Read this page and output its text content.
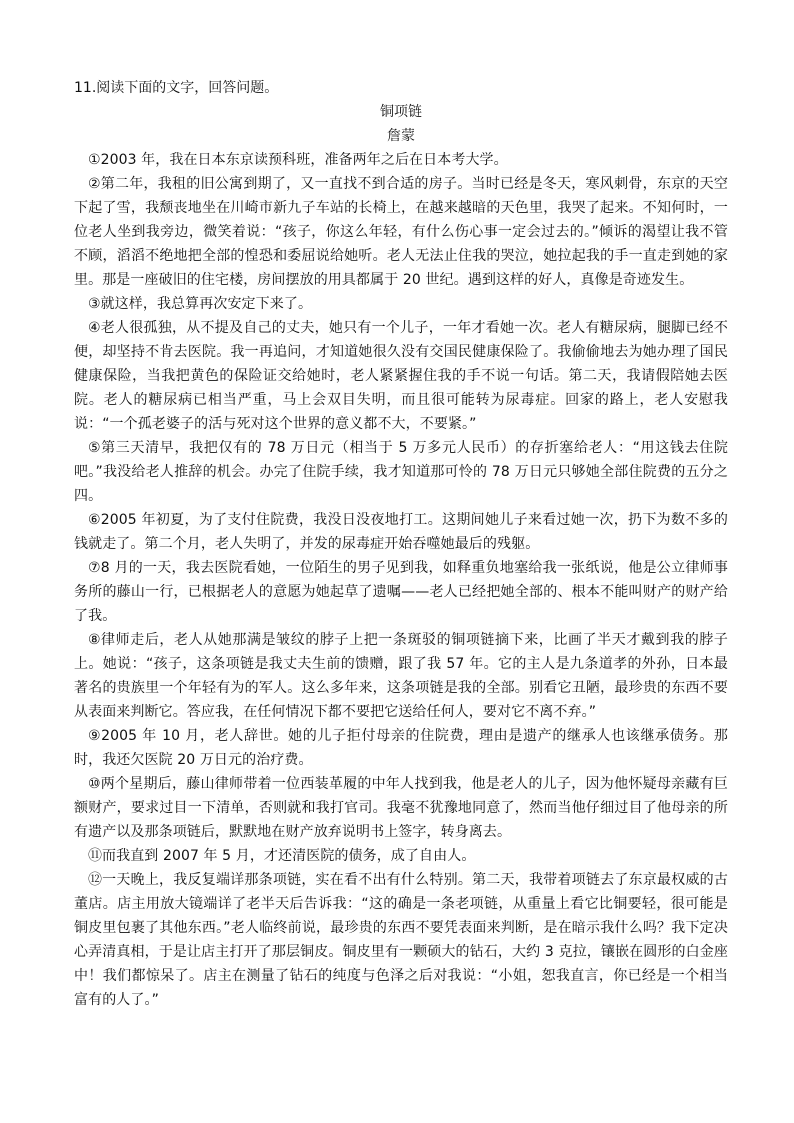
11.阅读下面的文字，回答问题。

铜项链

詹蒙

①2003 年，我在日本东京读预科班，准备两年之后在日本考大学。

②第二年，我租的旧公寓到期了，又一直找不到合适的房子。当时已经是冬天，寒风刺骨，东京的天空下起了雪，我颓丧地坐在川崎市新九子车站的长椅上，在越来越暗的天色里，我哭了起来。不知何时，一位老人坐到我旁边，微笑着说：“孩子，你这么年轻，有什么伤心事一定会过去的。”倾诉的渴望让我不管不顾，滔滔不绝地把全部的惶恐和委屈说给她听。老人无法止住我的哭泣，她拉起我的手一直走到她的家里。那是一座破旧的住宅楼，房间摆放的用具都属于 20 世纪。遇到这样的好人，真像是奇迹发生。

③就这样，我总算再次安定下来了。

④老人很孤独，从不提及自己的丈夫，她只有一个儿子，一年才看她一次。老人有糖尿病，腿脚已经不便，却坚持不肯去医院。我一再追问，才知道她很久没有交国民健康保险了。我偷偷地去为她办理了国民健康保险，当我把黄色的保险证交给她时，老人紧紧握住我的手不说一句话。第二天，我请假陪她去医院。老人的糖尿病已相当严重，马上会双目失明，而且很可能转为尿毒症。回家的路上，老人安慰我说：“一个孤老婆子的活与死对这个世界的意义都不大，不要紧。”

⑤第三天清早，我把仅有的 78 万日元（相当于 5 万多元人民币）的存折塞给老人：“用这钱去住院吧。”我没给老人推辞的机会。办完了住院手续，我才知道那可怜的 78 万日元只够她全部住院费的五分之四。

⑥2005 年初夏，为了支付住院费，我没日没夜地打工。这期间她儿子来看过她一次，扔下为数不多的钱就走了。第二个月，老人失明了，并发的尿毒症开始吞噬她最后的残躯。

⑦8 月的一天，我去医院看她，一位陌生的男子见到我，如释重负地塞给我一张纸说，他是公立律师事务所的藤山一行，已根据老人的意愿为她起草了遗嘱——老人已经把她全部的、根本不能叫财产的财产给了我。

⑧律师走后，老人从她那满是皱纹的脖子上把一条斑驳的铜项链摘下来，比画了半天才戴到我的脖子上。她说：“孩子，这条项链是我丈夫生前的馈赠，跟了我 57 年。它的主人是九条道孝的外孙，日本最著名的贵族里一个年轻有为的军人。这么多年来，这条项链是我的全部。别看它丑陋，最珍贵的东西不要从表面来判断它。答应我，在任何情况下都不要把它送给任何人，要对它不离不弃。”

⑨2005 年 10 月，老人辞世。她的儿子拒付母亲的住院费，理由是遗产的继承人也该继承债务。那时，我还欠医院 20 万日元的治疗费。

⑩两个星期后，藤山律师带着一位西装革履的中年人找到我，他是老人的儿子，因为他怀疑母亲藏有巨额财产，要求过目一下清单，否则就和我打官司。我毫不犹豫地同意了，然而当他仔细过目了他母亲的所有遗产以及那条项链后，默默地在财产放弃说明书上签字，转身离去。

⑪而我直到 2007 年 5 月，才还清医院的债务，成了自由人。

⑫一天晚上，我反复端详那条项链，实在看不出有什么特别。第二天，我带着项链去了东京最权威的古董店。店主用放大镜端详了老半天后告诉我：“这的确是一条老项链，从重量上看它比铜要轻，很可能是铜皮里包裹了其他东西。”老人临终前说，最珍贵的东西不要凭表面来判断，是在暗示我什么吗？我下定决心弄清真相，于是让店主打开了那层铜皮。铜皮里有一颗硕大的钻石，大约 3 克拉，镶嵌在圆形的白金座中！我们都惊呆了。店主在测量了钻石的纯度与色泽之后对我说：“小姐，恕我直言，你已经是一个相当富有的人了。”
